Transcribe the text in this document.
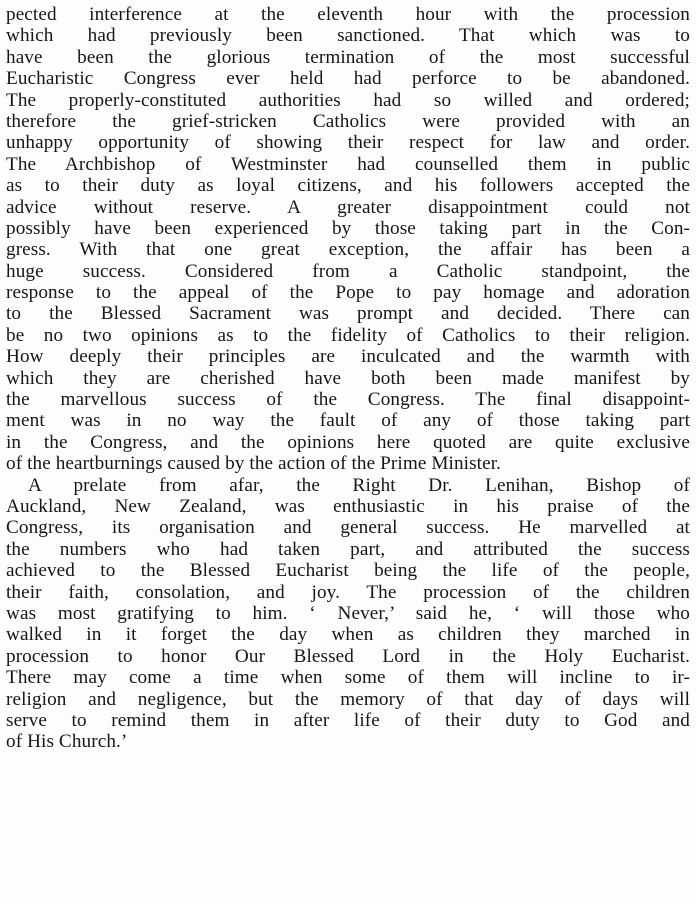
pected interference at the eleventh hour with the procession
which had previously been sanctioned. That which was to
have been the glorious termination of the most successful
Eucharistic Congress ever held had perforce to be abandoned.
The properly-constituted authorities had so willed and ordered;
therefore the grief-stricken Catholics were provided with an
unhappy opportunity of showing their respect for law and order.
The Archbishop of Westminster had counselled them in public
as to their duty as loyal citizens, and his followers accepted the
advice without reserve. A greater disappointment could not
possibly have been experienced by those taking part in the Con-
gress. With that one great exception, the affair has been a
huge success. Considered from a Catholic standpoint, the
response to the appeal of the Pope to pay homage and adoration
to the Blessed Sacrament was prompt and decided. There can
be no two opinions as to the fidelity of Catholics to their religion.
How deeply their principles are inculcated and the warmth with
which they are cherished have both been made manifest by
the marvellous success of the Congress. The final disappoint-
ment was in no way the fault of any of those taking part
in the Congress, and the opinions here quoted are quite exclusive
of the heartburnings caused by the action of the Prime Minister.
A prelate from afar, the Right Dr. Lenihan, Bishop of
Auckland, New Zealand, was enthusiastic in his praise of the
Congress, its organisation and general success. He marvelled at
the numbers who had taken part, and attributed the success
achieved to the Blessed Eucharist being the life of the people,
their faith, consolation, and joy. The procession of the children
was most gratifying to him. ‘ Never,’ said he, ‘ will those who
walked in it forget the day when as children they marched in
procession to honor Our Blessed Lord in the Holy Eucharist.
There may come a time when some of them will incline to ir-
religion and negligence, but the memory of that day of days will
serve to remind them in after life of their duty to God and
of His Church.’
